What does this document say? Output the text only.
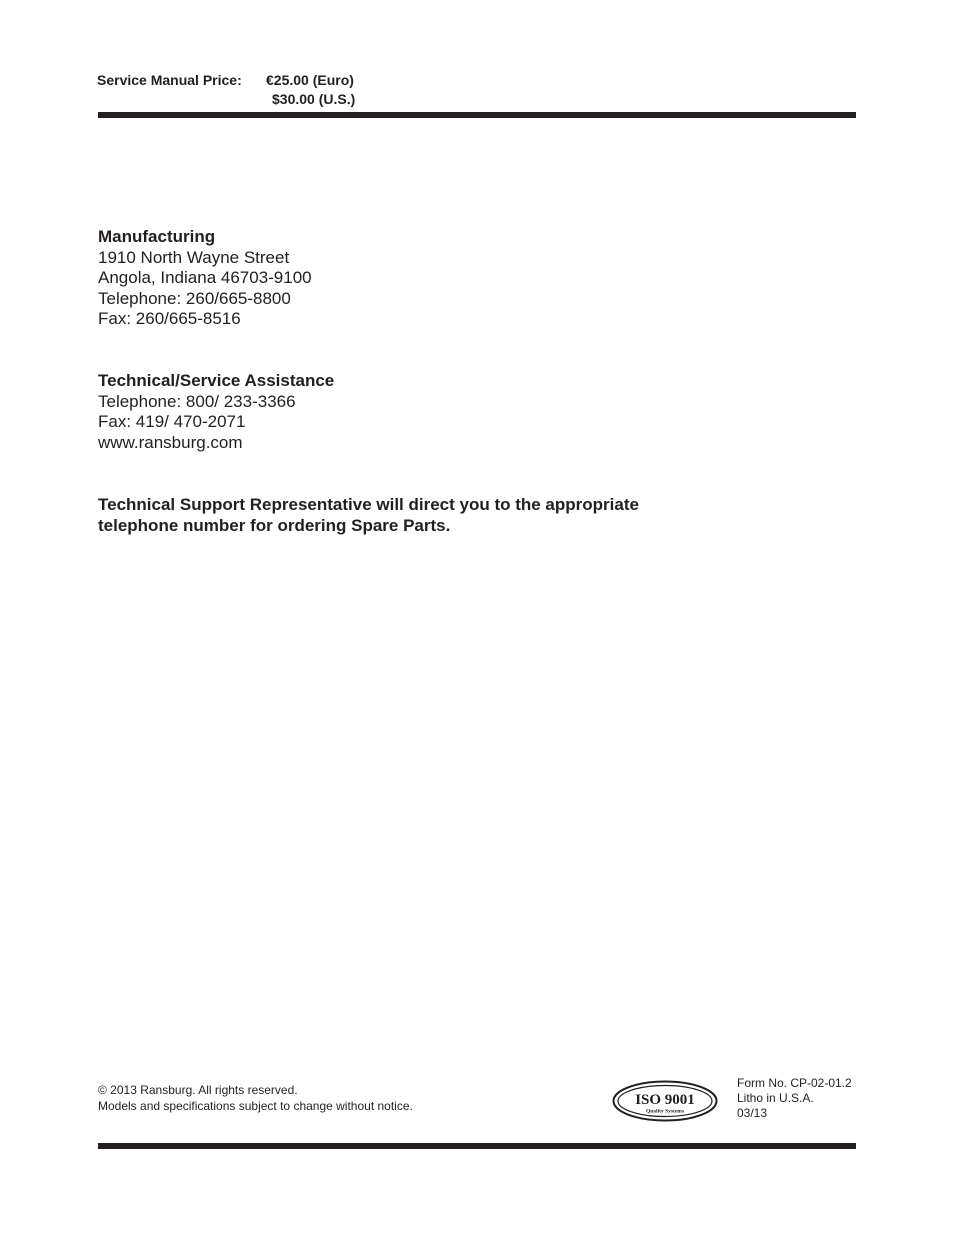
Service Manual Price: €25.00 (Euro)
$30.00 (U.S.)
Manufacturing
1910 North Wayne Street
Angola, Indiana 46703-9100
Telephone: 260/665-8800
Fax: 260/665-8516
Technical/Service Assistance
Telephone: 800/ 233-3366
Fax: 419/ 470-2071
www.ransburg.com
Technical Support Representative will direct you to the appropriate
telephone number for ordering Spare Parts.
© 2013 Ransburg. All rights reserved.
Models and specifications subject to change without notice.	ISO 9001
Quality Systems
Form No. CP-02-01.2
Litho in U.S.A.
03/13
